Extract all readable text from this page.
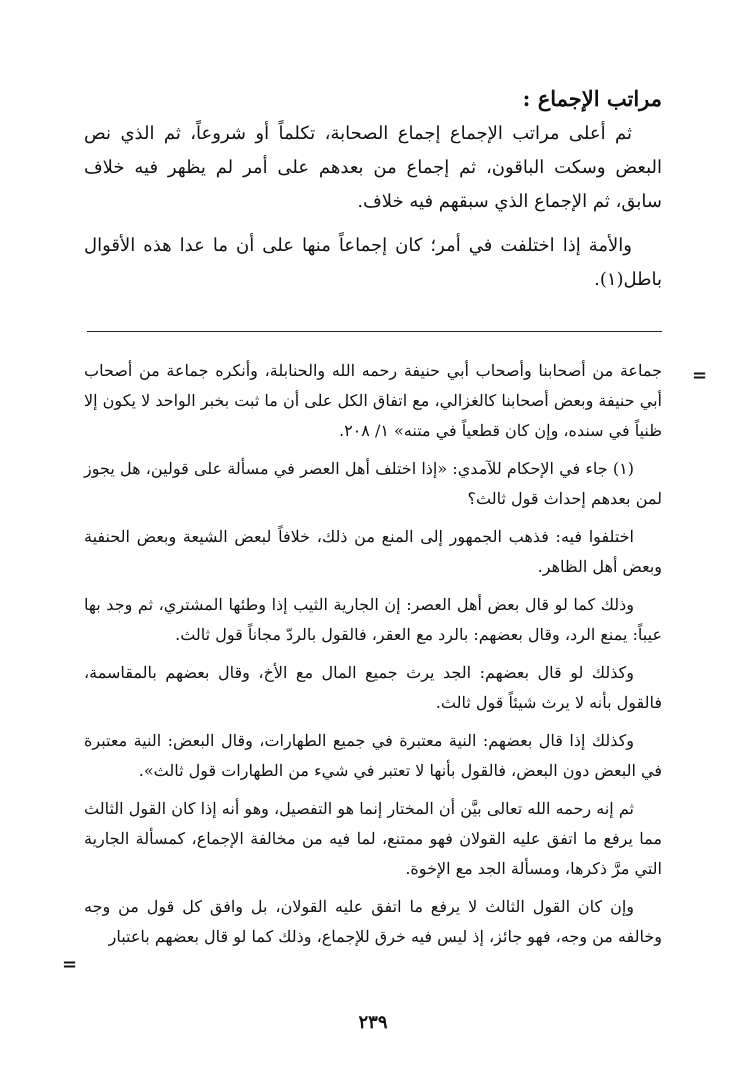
مراتب الإجماع :

ثم أعلى مراتب الإجماع إجماع الصحابة، تكلماً أو شروعاً، ثم الذي نص البعض وسكت الباقون، ثم إجماع من بعدهم على أمر لم يظهر فيه خلاف سابق، ثم الإجماع الذي سبقهم فيه خلاف.

والأمة إذا اختلفت في أمر؛ كان إجماعاً منها على أن ما عدا هذه الأقوال باطل(١).

=

جماعة من أصحابنا وأصحاب أبي حنيفة رحمه الله والحنابلة، وأنكره جماعة من أصحاب أبي حنيفة وبعض أصحابنا كالغزالي، مع اتفاق الكل على أن ما ثبت بخبر الواحد لا يكون إلا ظنياً في سنده، وإن كان قطعياً في متنه» ١/ ٢٠٨.

(١) جاء في الإحكام للآمدي: «إذا اختلف أهل العصر في مسألة على قولين، هل يجوز لمن بعدهم إحداث قول ثالث؟

اختلفوا فيه: فذهب الجمهور إلى المنع من ذلك، خلافاً لبعض الشيعة وبعض الحنفية وبعض أهل الظاهر.

وذلك كما لو قال بعض أهل العصر: إن الجارية الثيب إذا وطئها المشتري، ثم وجد بها عيباً: يمنع الرد، وقال بعضهم: بالرد مع العقر، فالقول بالردّ مجاناً قول ثالث.

وكذلك لو قال بعضهم: الجد يرث جميع المال مع الأخ، وقال بعضهم بالمقاسمة، فالقول بأنه لا يرث شيئاً قول ثالث.

وكذلك إذا قال بعضهم: النية معتبرة في جميع الطهارات، وقال البعض: النية معتبرة في البعض دون البعض، فالقول بأنها لا تعتبر في شيء من الطهارات قول ثالث».

ثم إنه رحمه الله تعالى بيَّن أن المختار إنما هو التفصيل، وهو أنه إذا كان القول الثالث مما يرفع ما اتفق عليه القولان فهو ممتنع، لما فيه من مخالفة الإجماع، كمسألة الجارية التي مرَّ ذكرها، ومسألة الجد مع الإخوة.

وإن كان القول الثالث لا يرفع ما اتفق عليه القولان، بل وافق كل قول من وجه وخالفه من وجه، فهو جائز، إذ ليس فيه خرق للإجماع، وذلك كما لو قال بعضهم باعتبار

=
٢٣٩
